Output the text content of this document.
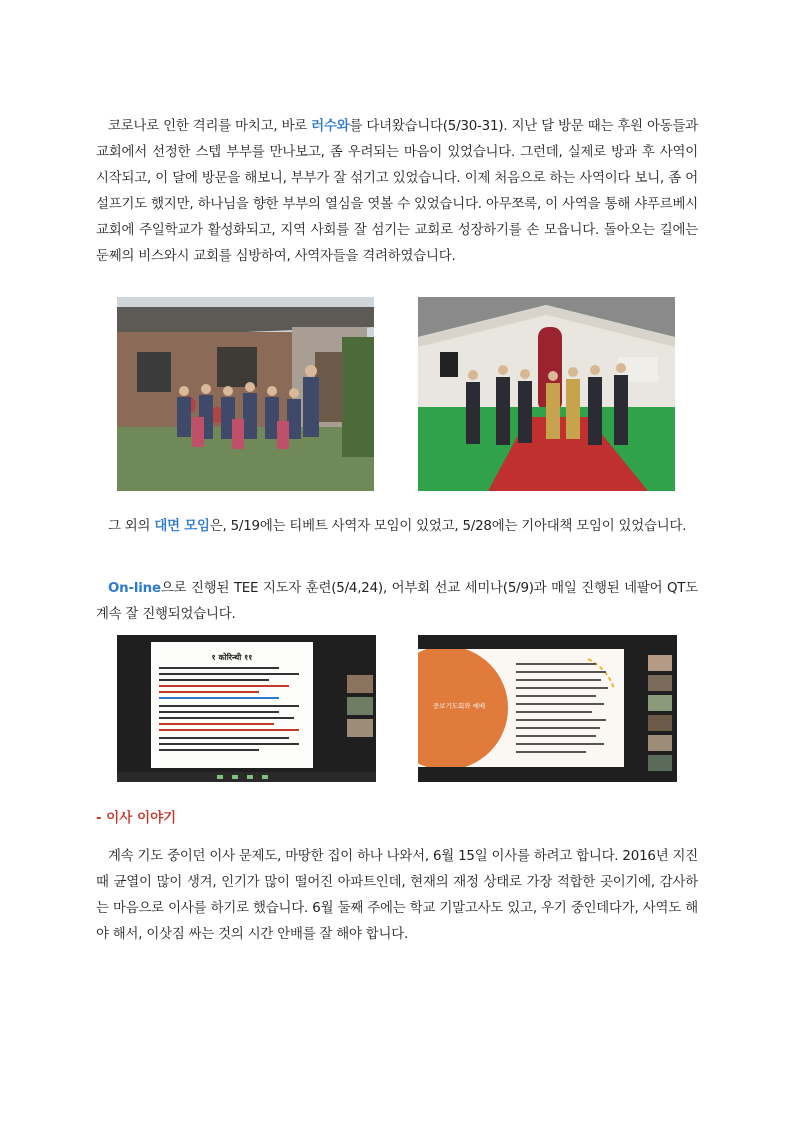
코로나로 인한 격리를 마치고, 바로 러수와를 다녀왔습니다(5/30-31). 지난 달 방문 때는 후원 아동들과 교회에서 선정한 스텝 부부를 만나보고, 좀 우려되는 마음이 있었습니다. 그런데, 실제로 방과 후 사역이 시작되고, 이 달에 방문을 해보니, 부부가 잘 섞기고 있었습니다. 이제 처음으로 하는 사역이다 보니, 좀 어설프기도 했지만, 하나님을 향한 부부의 열심을 엿볼 수 있었습니다. 아무쪼록, 이 사역을 통해 샤푸르베시 교회에 주일학교가 활성화되고, 지역 사회를 잘 섬기는 교회로 성장하기를 손 모읍니다. 돌아오는 길에는 둔쩨의 비스와시 교회를 심방하여, 사역자들을 격려하였습니다.
그 외의 대면 모임은, 5/19에는 티베트 사역자 모임이 있었고, 5/28에는 기아대책 모임이 있었습니다.
On-line으로 진행된 TEE 지도자 훈련(5/4,24), 어부회 선교 세미나(5/9)과 매일 진행된 네팔어 QT도 계속 잘 진행되었습니다.
१ कोरिन्थी ११
중보기도회와 예배
- 이사 이야기
계속 기도 중이던 이사 문제도, 마땅한 집이 하나 나와서, 6월 15일 이사를 하려고 합니다. 2016년 지진 때 균열이 많이 생겨, 인기가 많이 떨어진 아파트인데, 현재의 재정 상태로 가장 적합한 곳이기에, 감사하는 마음으로 이사를 하기로 했습니다. 6월 둘째 주에는 학교 기말고사도 있고, 우기 중인데다가, 사역도 해야 해서, 이삿짐 싸는 것의 시간 안배를 잘 해야 합니다.
